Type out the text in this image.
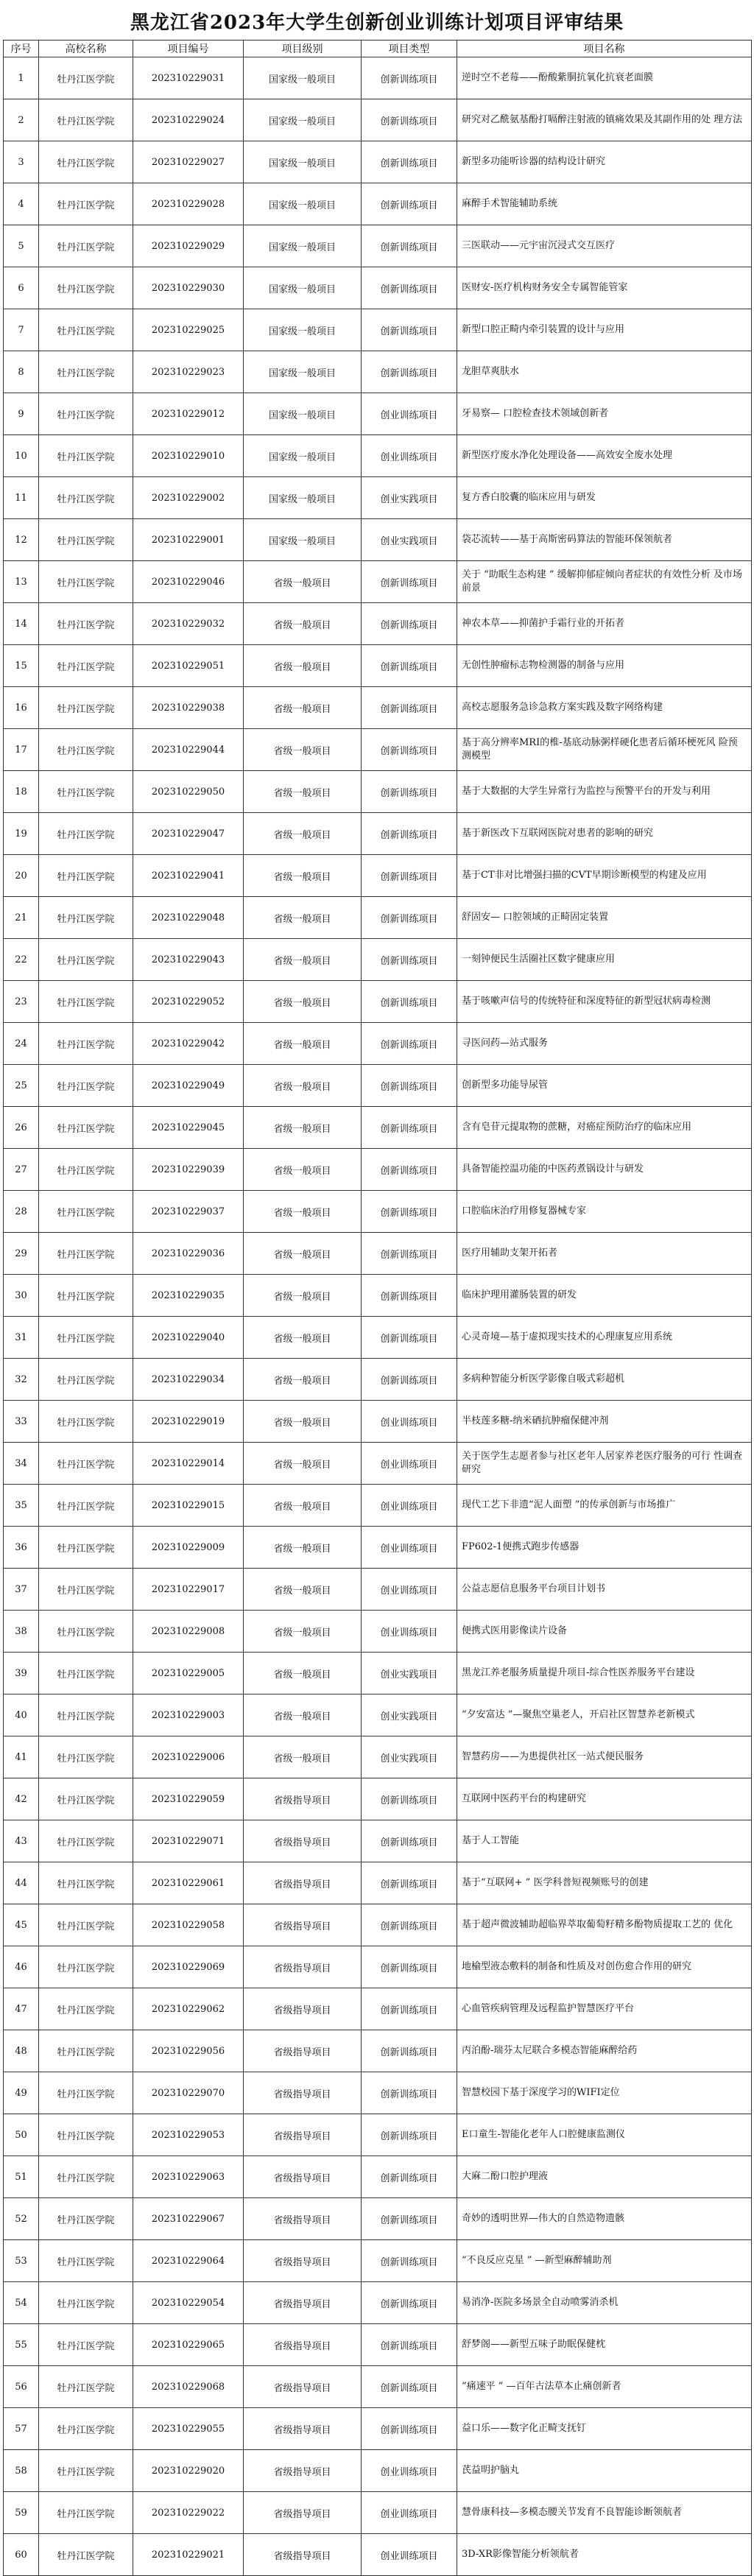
黑龙江省2023年大学生创新创业训练计划项目评审结果
序号	高校名称	项目编号	项目级别	项目类型	项目名称
1	牡丹江医学院	202310229031	国家级一般项目	创新训练项目	逆时空不老莓——酚酸紫胴抗氧化抗衰老面膜
2	牡丹江医学院	202310229024	国家级一般项目	创新训练项目	研究对乙酰氨基酚打嗝醉注射液的镇痛效果及其副作用的处 理方法
3	牡丹江医学院	202310229027	国家级一般项目	创新训练项目	新型多功能听诊器的结构设计研究
4	牡丹江医学院	202310229028	国家级一般项目	创新训练项目	麻醉手术智能辅助系统
5	牡丹江医学院	202310229029	国家级一般项目	创新训练项目	三医联动——元宇宙沉浸式交互医疗
6	牡丹江医学院	202310229030	国家级一般项目	创新训练项目	医财安-医疗机构财务安全专属智能管家
7	牡丹江医学院	202310229025	国家级一般项目	创新训练项目	新型口腔正畸内牵引装置的设计与应用
8	牡丹江医学院	202310229023	国家级一般项目	创新训练项目	龙胆草爽肤水
9	牡丹江医学院	202310229012	国家级一般项目	创业训练项目	牙易察— 口腔检查技术领域创新者
10	牡丹江医学院	202310229010	国家级一般项目	创业训练项目	新型医疗废水净化处理设备——高效安全废水处理
11	牡丹江医学院	202310229002	国家级一般项目	创业实践项目	复方香白胶囊的临床应用与研发
12	牡丹江医学院	202310229001	国家级一般项目	创业实践项目	袋芯流转——基于高斯密码算法的智能环保领航者
13	牡丹江医学院	202310229046	省级一般项目	创新训练项目	关于 “助眠生态构建 ” 缓解抑郁症倾向者症状的有效性分析 及市场前景
14	牡丹江医学院	202310229032	省级一般项目	创新训练项目	神农本草——抑菌护手霜行业的开拓者
15	牡丹江医学院	202310229051	省级一般项目	创新训练项目	无创性肿瘤标志物检测器的制备与应用
16	牡丹江医学院	202310229038	省级一般项目	创新训练项目	高校志愿服务急诊急救方案实践及数字网络构建
17	牡丹江医学院	202310229044	省级一般项目	创新训练项目	基于高分辨率MRI的椎-基底动脉粥样硬化患者后循环梗死风 险预测模型
18	牡丹江医学院	202310229050	省级一般项目	创新训练项目	基于大数据的大学生异常行为监控与预警平台的开发与利用
19	牡丹江医学院	202310229047	省级一般项目	创新训练项目	基于新医改下互联网医院对患者的影响的研究
20	牡丹江医学院	202310229041	省级一般项目	创新训练项目	基于CT非对比增强扫描的CVT早期诊断模型的构建及应用
21	牡丹江医学院	202310229048	省级一般项目	创新训练项目	舒固安— 口腔领域的正畸固定装置
22	牡丹江医学院	202310229043	省级一般项目	创新训练项目	一刻钟便民生活圈社区数字健康应用
23	牡丹江医学院	202310229052	省级一般项目	创新训练项目	基于咳嗽声信号的传统特征和深度特征的新型冠状病毒检测
24	牡丹江医学院	202310229042	省级一般项目	创新训练项目	寻医问药—站式服务
25	牡丹江医学院	202310229049	省级一般项目	创新训练项目	创新型多功能导尿管
26	牡丹江医学院	202310229045	省级一般项目	创新训练项目	含有皂苷元提取物的蔗糖，对癌症预防治疗的临床应用
27	牡丹江医学院	202310229039	省级一般项目	创新训练项目	具备智能控温功能的中医药煮锅设计与研发
28	牡丹江医学院	202310229037	省级一般项目	创新训练项目	口腔临床治疗用修复器械专家
29	牡丹江医学院	202310229036	省级一般项目	创新训练项目	医疗用辅助支架开拓者
30	牡丹江医学院	202310229035	省级一般项目	创新训练项目	临床护理用灌肠装置的研发
31	牡丹江医学院	202310229040	省级一般项目	创新训练项目	心灵奇境—基于虚拟现实技术的心理康复应用系统
32	牡丹江医学院	202310229034	省级一般项目	创新训练项目	多病种智能分析医学影像自吸式彩超机
33	牡丹江医学院	202310229019	省级一般项目	创业训练项目	半枝莲多糖-纳米硒抗肿瘤保健冲剂
34	牡丹江医学院	202310229014	省级一般项目	创业训练项目	关于医学生志愿者参与社区老年人居家养老医疗服务的可行 性调查研究
35	牡丹江医学院	202310229015	省级一般项目	创业训练项目	现代工艺下非遗“泥人面塑 ”的传承创新与市场推广
36	牡丹江医学院	202310229009	省级一般项目	创业训练项目	FP602-1便携式跑步传感器
37	牡丹江医学院	202310229017	省级一般项目	创业训练项目	公益志愿信息服务平台项目计划书
38	牡丹江医学院	202310229008	省级一般项目	创业训练项目	便携式医用影像读片设备
39	牡丹江医学院	202310229005	省级一般项目	创业实践项目	黑龙江养老服务质量提升项目-综合性医养服务平台建设
40	牡丹江医学院	202310229003	省级一般项目	创业实践项目	“夕安富达 ”—聚焦空巢老人，开启社区智慧养老新模式
41	牡丹江医学院	202310229006	省级一般项目	创业实践项目	智慧药房——为患提供社区一站式便民服务
42	牡丹江医学院	202310229059	省级指导项目	创新训练项目	互联网中医药平台的构建研究
43	牡丹江医学院	202310229071	省级指导项目	创新训练项目	基于人工智能
44	牡丹江医学院	202310229061	省级指导项目	创新训练项目	基于“互联网+ ” 医学科普短视频账号的创建
45	牡丹江医学院	202310229058	省级指导项目	创新训练项目	基于超声微波辅助超临界萃取葡萄籽精多酚物质提取工艺的 优化
46	牡丹江医学院	202310229069	省级指导项目	创新训练项目	地榆型液态敷料的制备和性质及对创伤愈合作用的研究
47	牡丹江医学院	202310229062	省级指导项目	创新训练项目	心血管疾病管理及远程监护智慧医疗平台
48	牡丹江医学院	202310229056	省级指导项目	创新训练项目	丙泊酚-瑞芬太尼联合多模态智能麻醉给药
49	牡丹江医学院	202310229070	省级指导项目	创新训练项目	智慧校园下基于深度学习的WIFI定位
50	牡丹江医学院	202310229053	省级指导项目	创新训练项目	E口童生-智能化老年人口腔健康监测仪
51	牡丹江医学院	202310229063	省级指导项目	创新训练项目	大麻二酚口腔护理液
52	牡丹江医学院	202310229067	省级指导项目	创新训练项目	奇妙的透明世界—伟大的自然造物遗骸
53	牡丹江医学院	202310229064	省级指导项目	创新训练项目	“不良反应克星 ” —新型麻醉辅助剂
54	牡丹江医学院	202310229054	省级指导项目	创新训练项目	易消净-医院多场景全自动喷雾消杀机
55	牡丹江医学院	202310229065	省级指导项目	创新训练项目	舒梦阁——新型五味子助眠保健枕
56	牡丹江医学院	202310229068	省级指导项目	创新训练项目	“痛速平 ” —百年古法草本止痛创新者
57	牡丹江医学院	202310229055	省级指导项目	创新训练项目	益口乐——数字化正畸支抚钉
58	牡丹江医学院	202310229020	省级指导项目	创业训练项目	芪益明护脑丸
59	牡丹江医学院	202310229022	省级指导项目	创业训练项目	慧骨康科技—多模态腰关节发育不良智能诊断领航者
60	牡丹江医学院	202310229021	省级指导项目	创业训练项目	3D-XR影像智能分析领航者
